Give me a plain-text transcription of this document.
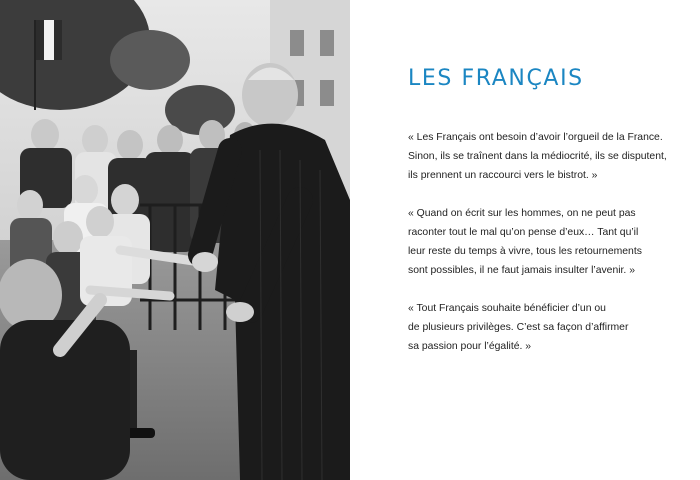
LES FRANÇAIS

« Les Français ont besoin d’avoir l’orgueil de la France.
Sinon, ils se traînent dans la médiocrité, ils se disputent,
ils prennent un raccourci vers le bistrot. »

« Quand on écrit sur les hommes, on ne peut pas
raconter tout le mal qu’on pense d’eux… Tant qu’il
leur reste du temps à vivre, tous les retournements
sont possibles, il ne faut jamais insulter l’avenir. »

« Tout Français souhaite bénéficier d’un ou
de plusieurs privilèges. C’est sa façon d’affirmer
sa passion pour l’égalité. »
